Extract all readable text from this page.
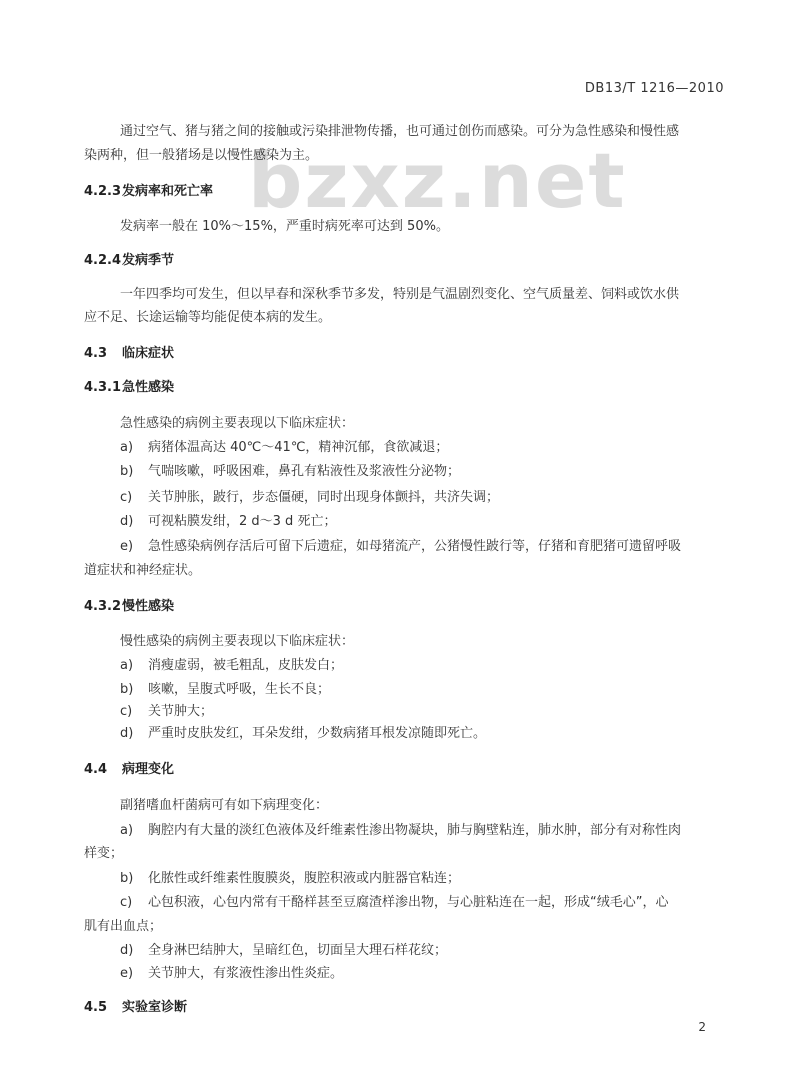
DB13/T 1216—2010
bzxz.net
通过空气、猪与猪之间的接触或污染排泄物传播，也可通过创伤而感染。可分为急性感染和慢性感
染两种，但一般猪场是以慢性感染为主。
4.2.3发病率和死亡率
发病率一般在 10%～15%，严重时病死率可达到 50%。
4.2.4发病季节
一年四季均可发生，但以早春和深秋季节多发，特别是气温剧烈变化、空气质量差、饲料或饮水供
应不足、长途运输等均能促使本病的发生。
4.3 临床症状
4.3.1急性感染
急性感染的病例主要表现以下临床症状：
a) 病猪体温高达 40℃～41℃，精神沉郁，食欲减退；
b) 气喘咳嗽，呼吸困难，鼻孔有粘液性及浆液性分泌物；
c) 关节肿胀，跛行，步态僵硬，同时出现身体颤抖，共济失调；
d) 可视粘膜发绀，2 d～3 d 死亡；
e) 急性感染病例存活后可留下后遗症，如母猪流产，公猪慢性跛行等，仔猪和育肥猪可遗留呼吸
道症状和神经症状。
4.3.2慢性感染
慢性感染的病例主要表现以下临床症状：
a) 消瘦虚弱，被毛粗乱，皮肤发白；
b) 咳嗽，呈腹式呼吸，生长不良；
c) 关节肿大；
d) 严重时皮肤发红，耳朵发绀，少数病猪耳根发凉随即死亡。
4.4 病理变化
副猪嗜血杆菌病可有如下病理变化：
a) 胸腔内有大量的淡红色液体及纤维素性渗出物凝块，肺与胸壁粘连，肺水肿，部分有对称性肉
样变；
b) 化脓性或纤维素性腹膜炎，腹腔积液或内脏器官粘连；
c) 心包积液，心包内常有干酪样甚至豆腐渣样渗出物，与心脏粘连在一起，形成“绒毛心”，心
肌有出血点；
d) 全身淋巴结肿大，呈暗红色，切面呈大理石样花纹；
e) 关节肿大，有浆液性渗出性炎症。
4.5 实验室诊断
2
